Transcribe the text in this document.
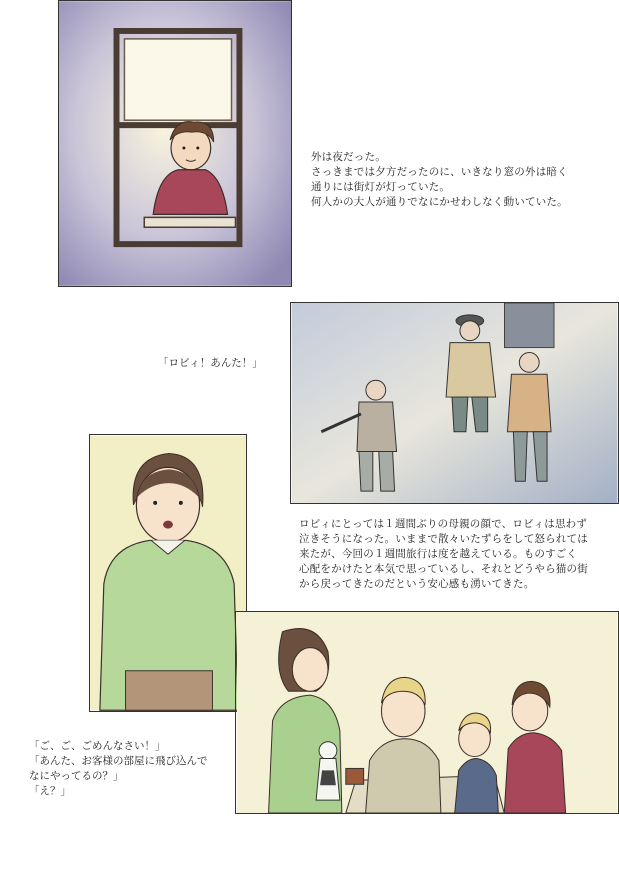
外は夜だった。
さっきまでは夕方だったのに、いきなり窓の外は暗く
通りには街灯が灯っていた。
何人かの大人が通りでなにかせわしなく動いていた。
「ロビィ！あんた！」
ロビィにとっては１週間ぶりの母親の顔で、ロビィは思わず
泣きそうになった。いままで散々いたずらをして怒られては
来たが、今回の１週間旅行は度を越えている。ものすごく
心配をかけたと本気で思っているし、それとどうやら猫の街
から戻ってきたのだという安心感も湧いてきた。
「ご、ご、ごめんなさい！」
「あんた、お客様の部屋に飛び込んで
なにやってるの？」
「え？」
